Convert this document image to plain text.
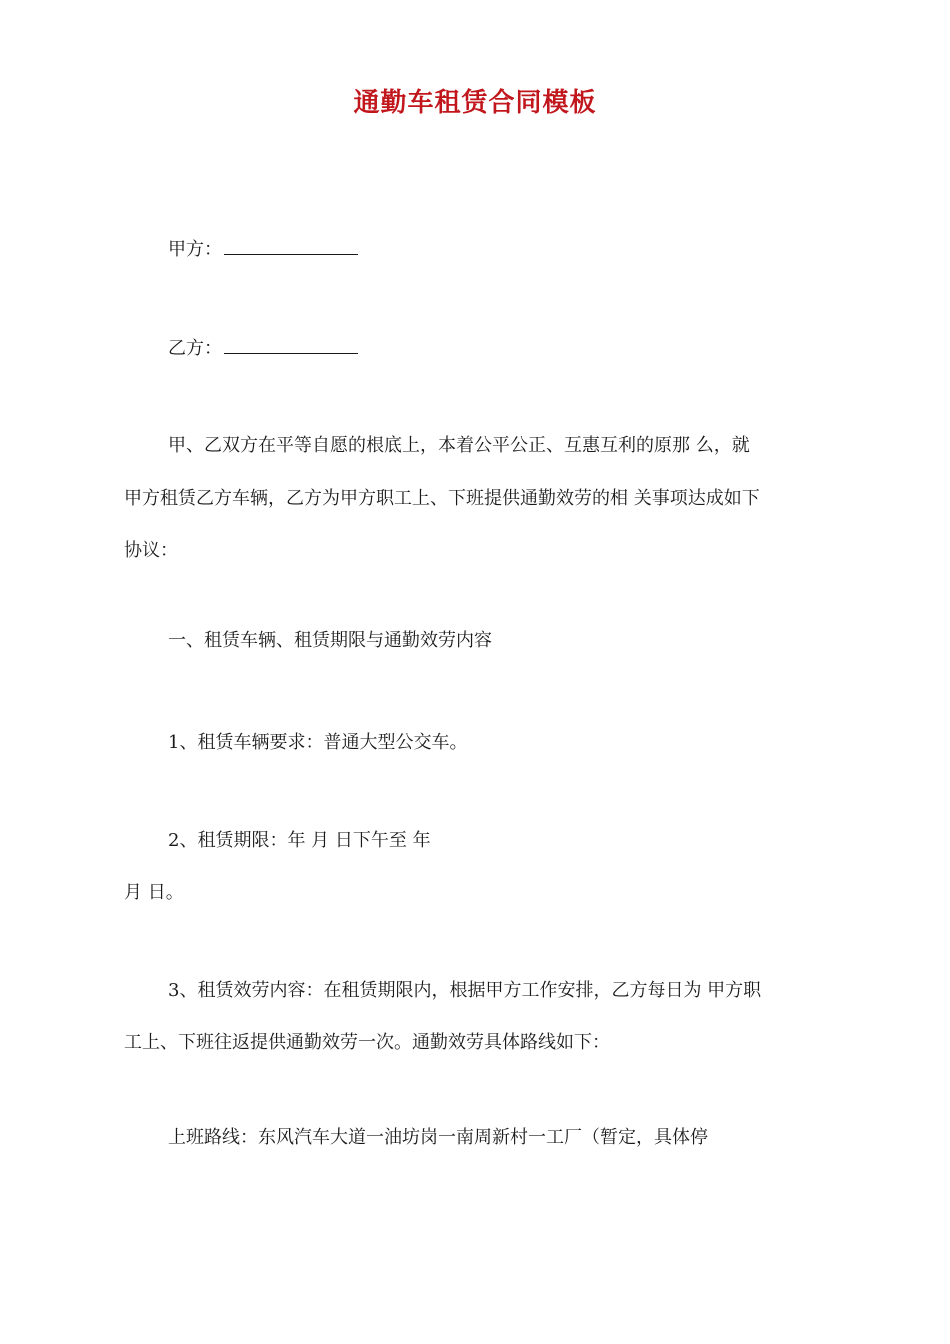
通勤车租赁合同模板
甲方：
乙方：
甲、乙双方在平等自愿的根底上，本着公平公正、互惠互利的原那 么，就
甲方租赁乙方车辆，乙方为甲方职工上、下班提供通勤效劳的相 关事项达成如下
协议：
一、租赁车辆、租赁期限与通勤效劳内容
1、租赁车辆要求：普通大型公交车。
2、租赁期限：年 月 日下午至 年
月 日。
3、租赁效劳内容：在租赁期限内，根据甲方工作安排，乙方每日为 甲方职
工上、下班往返提供通勤效劳一次。通勤效劳具体路线如下：
上班路线：东风汽车大道一油坊岗一南周新村一工厂（暂定，具体停
